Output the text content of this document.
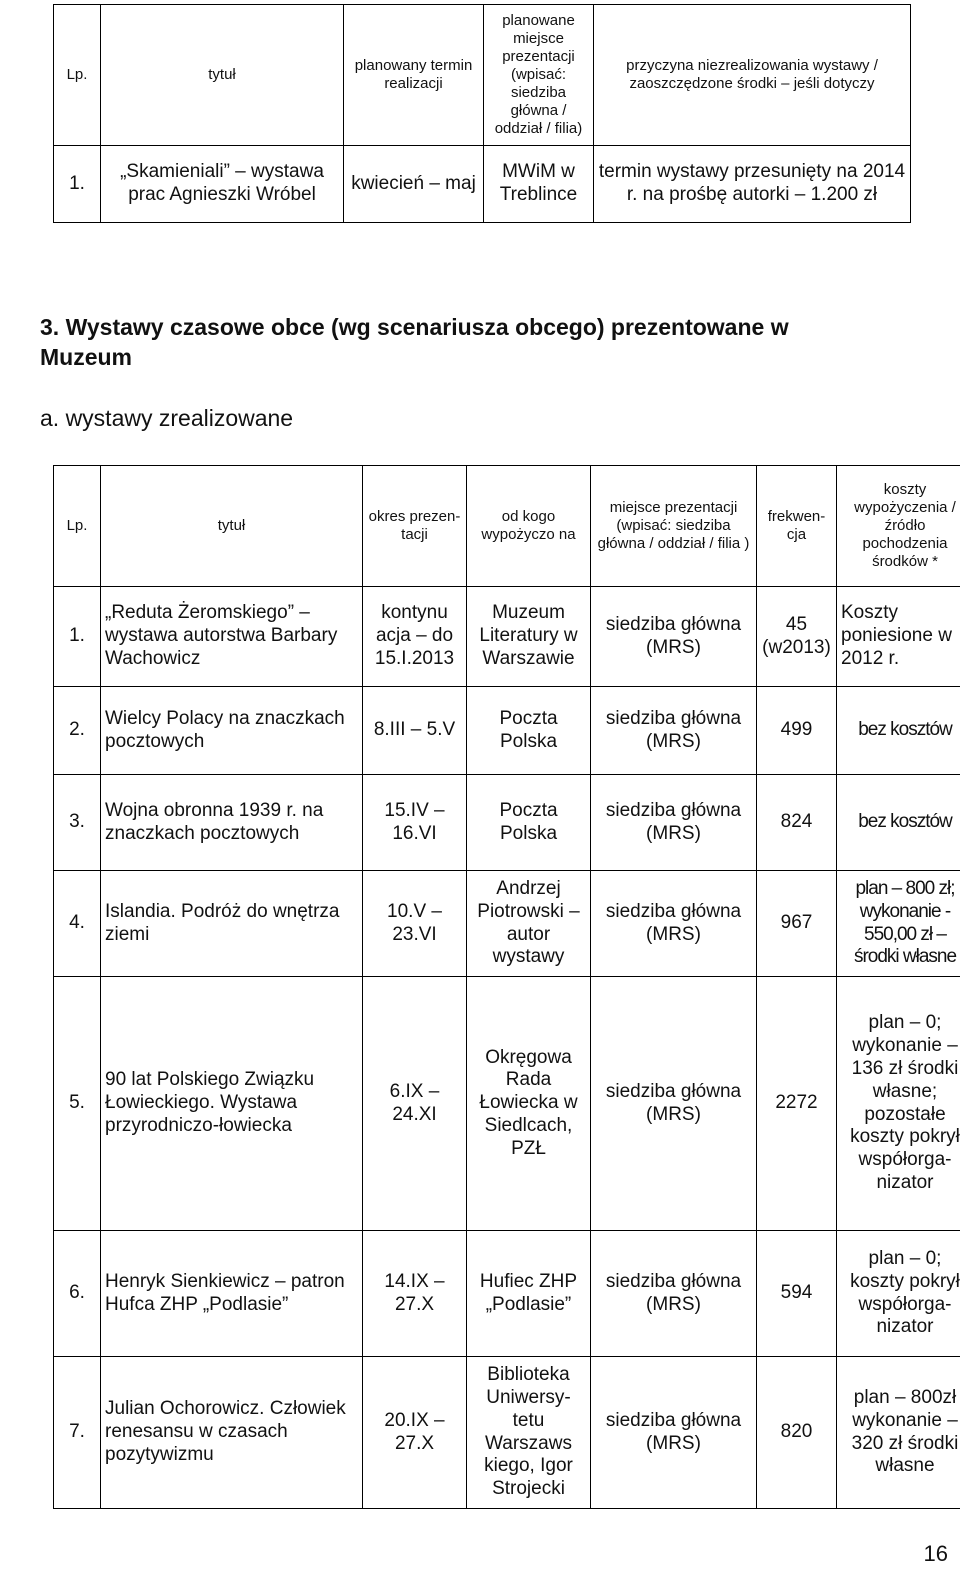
Lp.	tytuł	planowany termin realizacji	planowane miejsce prezentacji (wpisać: siedziba główna / oddział / filia)	przyczyna niezrealizowania wystawy / zaoszczędzone środki – jeśli dotyczy
1.	„Skamieniali” – wystawa prac Agnieszki Wróbel	kwiecień – maj	MWiM w Treblince	termin wystawy przesunięty na 2014 r. na prośbę autorki – 1.200 zł
3. Wystawy czasowe obce (wg scenariusza obcego) prezentowane w Muzeum
a. wystawy zrealizowane
Lp.	tytuł	okres prezen-tacji	od kogo wypożyczo na	miejsce prezentacji (wpisać: siedziba główna / oddział / filia )	frekwen-cja	koszty wypożyczenia / źródło pochodzenia środków *
1.	„Reduta Żeromskiego” – wystawa autorstwa Barbary Wachowicz	kontynu acja – do 15.I.2013	Muzeum Literatury w Warszawie	siedziba główna (MRS)	45 (w2013)	Koszty poniesione w 2012 r.
2.	Wielcy Polacy na znaczkach pocztowych	8.III – 5.V	Poczta Polska	siedziba główna (MRS)	499	bez kosztów
3.	Wojna obronna 1939 r. na znaczkach pocztowych	15.IV – 16.VI	Poczta Polska	siedziba główna (MRS)	824	bez kosztów
4.	Islandia. Podróż do wnętrza ziemi	10.V – 23.VI	Andrzej Piotrowski – autor wystawy	siedziba główna (MRS)	967	plan – 800 zł; wykonanie - 550,00 zł – środki własne
5.	90 lat Polskiego Związku Łowieckiego. Wystawa przyrodniczo-łowiecka	6.IX – 24.XI	Okręgowa Rada Łowiecka w Siedlcach, PZŁ	siedziba główna (MRS)	2272	plan – 0; wykonanie – 136 zł środki własne; pozostałe koszty pokrył współorga-nizator
6.	Henryk Sienkiewicz – patron Hufca ZHP „Podlasie”	14.IX – 27.X	Hufiec ZHP „Podlasie”	siedziba główna (MRS)	594	plan – 0; koszty pokrył współorga-nizator
7.	Julian Ochorowicz. Człowiek renesansu w czasach pozytywizmu	20.IX – 27.X	Biblioteka Uniwersy-tetu Warszaws kiego, Igor Strojecki	siedziba główna (MRS)	820	plan – 800zł wykonanie – 320 zł środki własne
16
